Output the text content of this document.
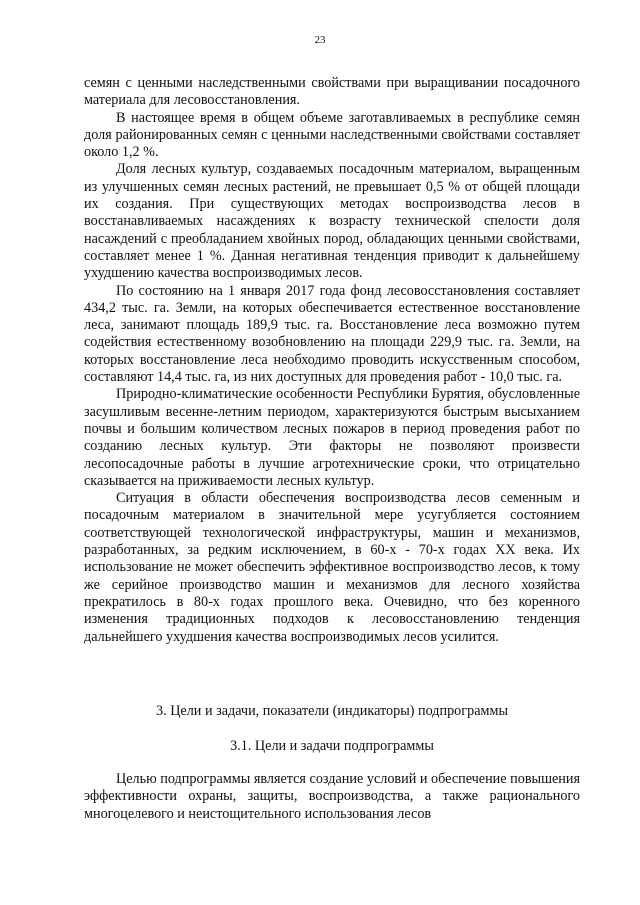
23

семян с ценными наследственными свойствами при выращивании посадочного материала для лесовосстановления.

В настоящее время в общем объеме заготавливаемых в республике семян доля районированных семян с ценными наследственными свойствами составляет около 1,2 %.

Доля лесных культур, создаваемых посадочным материалом, выращенным из улучшенных семян лесных растений, не превышает 0,5 % от общей площади их создания. При существующих методах воспроизводства лесов в восстанавливаемых насаждениях к возрасту технической спелости доля насаждений с преобладанием хвойных пород, обладающих ценными свойствами, составляет менее 1 %. Данная негативная тенденция приводит к дальнейшему ухудшению качества воспроизводимых лесов.

По состоянию на 1 января 2017 года фонд лесовосстановления составляет 434,2 тыс. га. Земли, на которых обеспечивается естественное восстановление леса, занимают площадь 189,9 тыс. га. Восстановление леса возможно путем содействия естественному возобновлению на площади 229,9 тыс. га. Земли, на которых восстановление леса необходимо проводить искусственным способом, составляют 14,4 тыс. га, из них доступных для проведения работ - 10,0 тыс. га.

Природно-климатические особенности Республики Бурятия, обусловленные засушливым весенне-летним периодом, характеризуются быстрым высыханием почвы и большим количеством лесных пожаров в период проведения работ по созданию лесных культур. Эти факторы не позволяют произвести лесопосадочные работы в лучшие агротехнические сроки, что отрицательно сказывается на приживаемости лесных культур.

Ситуация в области обеспечения воспроизводства лесов семенным и посадочным материалом в значительной мере усугубляется состоянием соответствующей технологической инфраструктуры, машин и механизмов, разработанных, за редким исключением, в 60-х - 70-х годах XX века. Их использование не может обеспечить эффективное воспроизводство лесов, к тому же серийное производство машин и механизмов для лесного хозяйства прекратилось в 80-х годах прошлого века. Очевидно, что без коренного изменения традиционных подходов к лесовосстановлению тенденция дальнейшего ухудшения качества воспроизводимых лесов усилится.

3. Цели и задачи, показатели (индикаторы) подпрограммы
3.1. Цели и задачи подпрограммы

Целью подпрограммы является создание условий и обеспечение повышения эффективности охраны, защиты, воспроизводства, а также рационального многоцелевого и неистощительного использования лесов
